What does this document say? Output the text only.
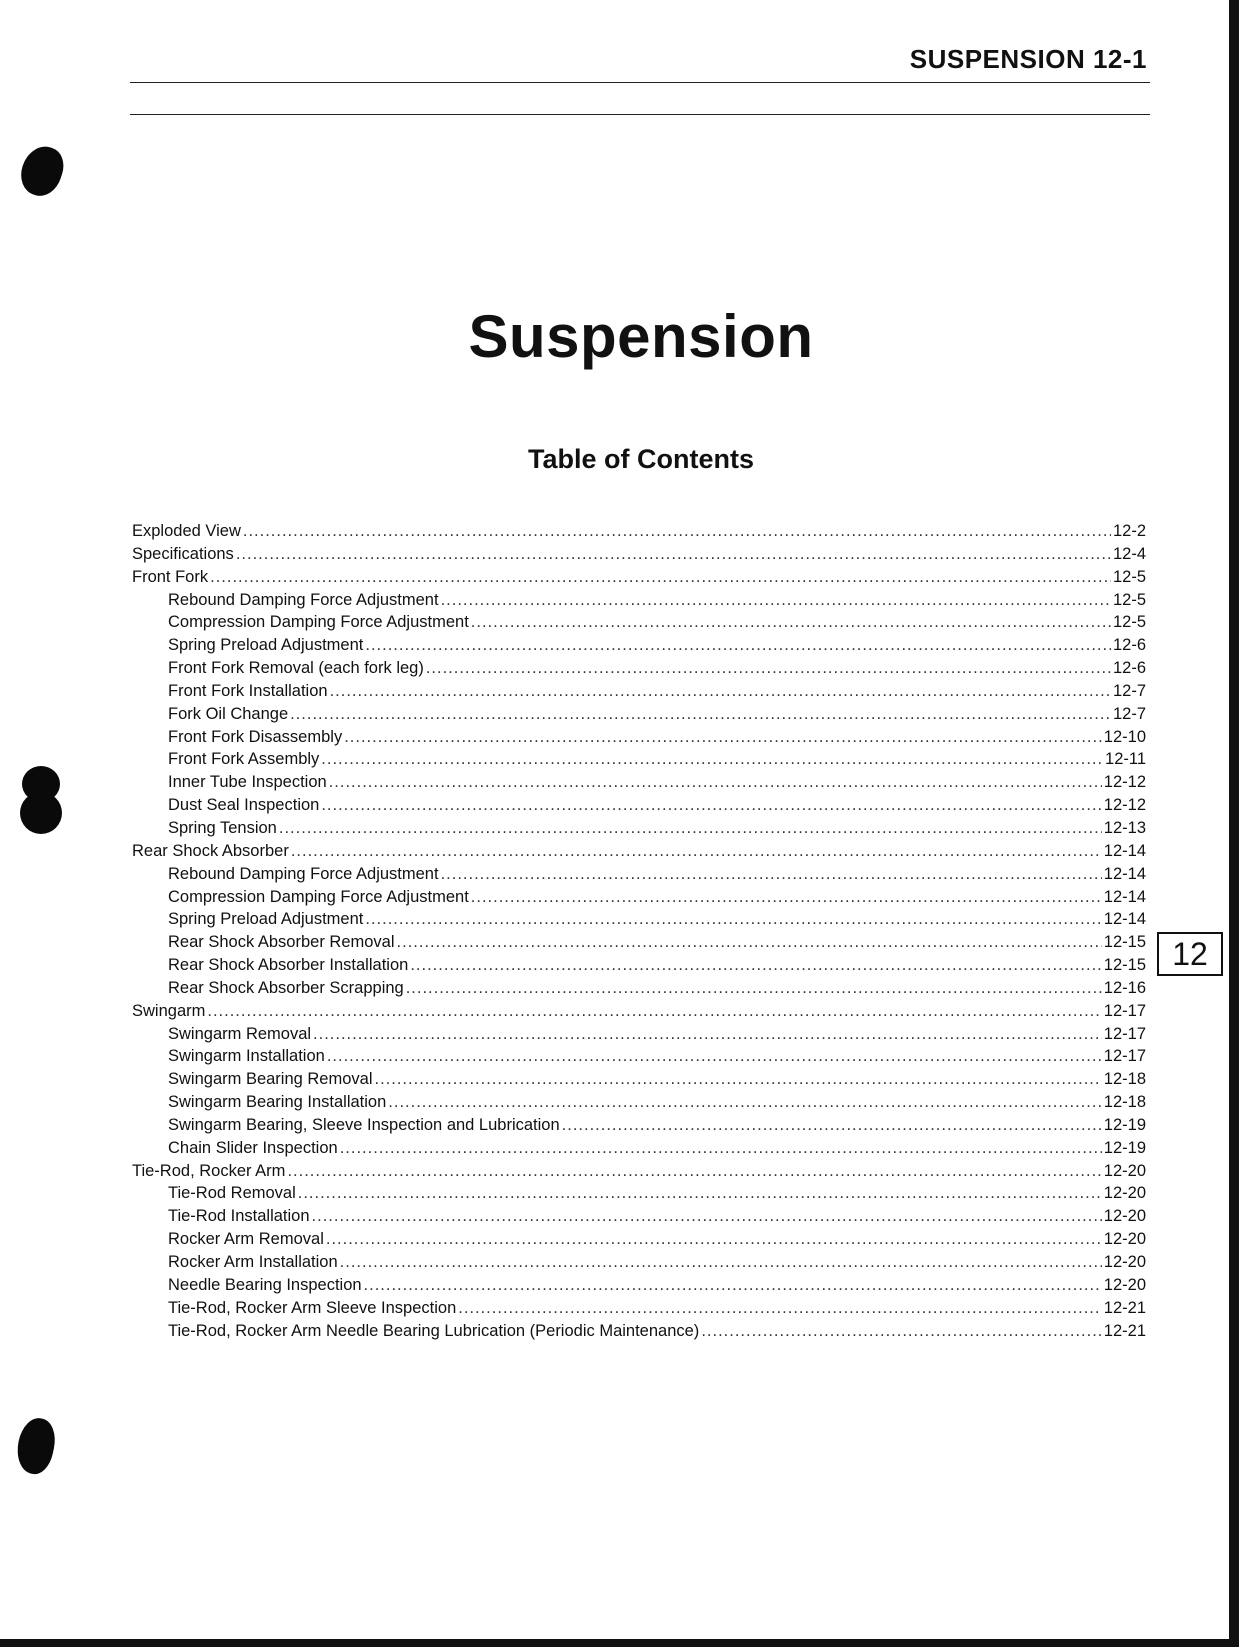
SUSPENSION 12-1
Suspension
Table of Contents
Exploded View .....	12-2
Specifications .....	12-4
Front Fork .....	12-5
Rebound Damping Force Adjustment .....	12-5
Compression Damping Force Adjustment .....	12-5
Spring Preload Adjustment .....	12-6
Front Fork Removal (each fork leg) .....	12-6
Front Fork Installation .....	12-7
Fork Oil Change .....	12-7
Front Fork Disassembly .....	12-10
Front Fork Assembly .....	12-11
Inner Tube Inspection .....	12-12
Dust Seal Inspection .....	12-12
Spring Tension .....	12-13
Rear Shock Absorber .....	12-14
Rebound Damping Force Adjustment .....	12-14
Compression Damping Force Adjustment .....	12-14
Spring Preload Adjustment .....	12-14
Rear Shock Absorber Removal .....	12-15
Rear Shock Absorber Installation .....	12-15
Rear Shock Absorber Scrapping .....	12-16
Swingarm .....	12-17
Swingarm Removal .....	12-17
Swingarm Installation .....	12-17
Swingarm Bearing Removal .....	12-18
Swingarm Bearing Installation .....	12-18
Swingarm Bearing, Sleeve Inspection and Lubrication .....	12-19
Chain Slider Inspection .....	12-19
Tie-Rod, Rocker Arm .....	12-20
Tie-Rod Removal .....	12-20
Tie-Rod Installation .....	12-20
Rocker Arm Removal .....	12-20
Rocker Arm Installation .....	12-20
Needle Bearing Inspection .....	12-20
Tie-Rod, Rocker Arm Sleeve Inspection .....	12-21
Tie-Rod, Rocker Arm Needle Bearing Lubrication (Periodic Maintenance) .....	12-21
12
